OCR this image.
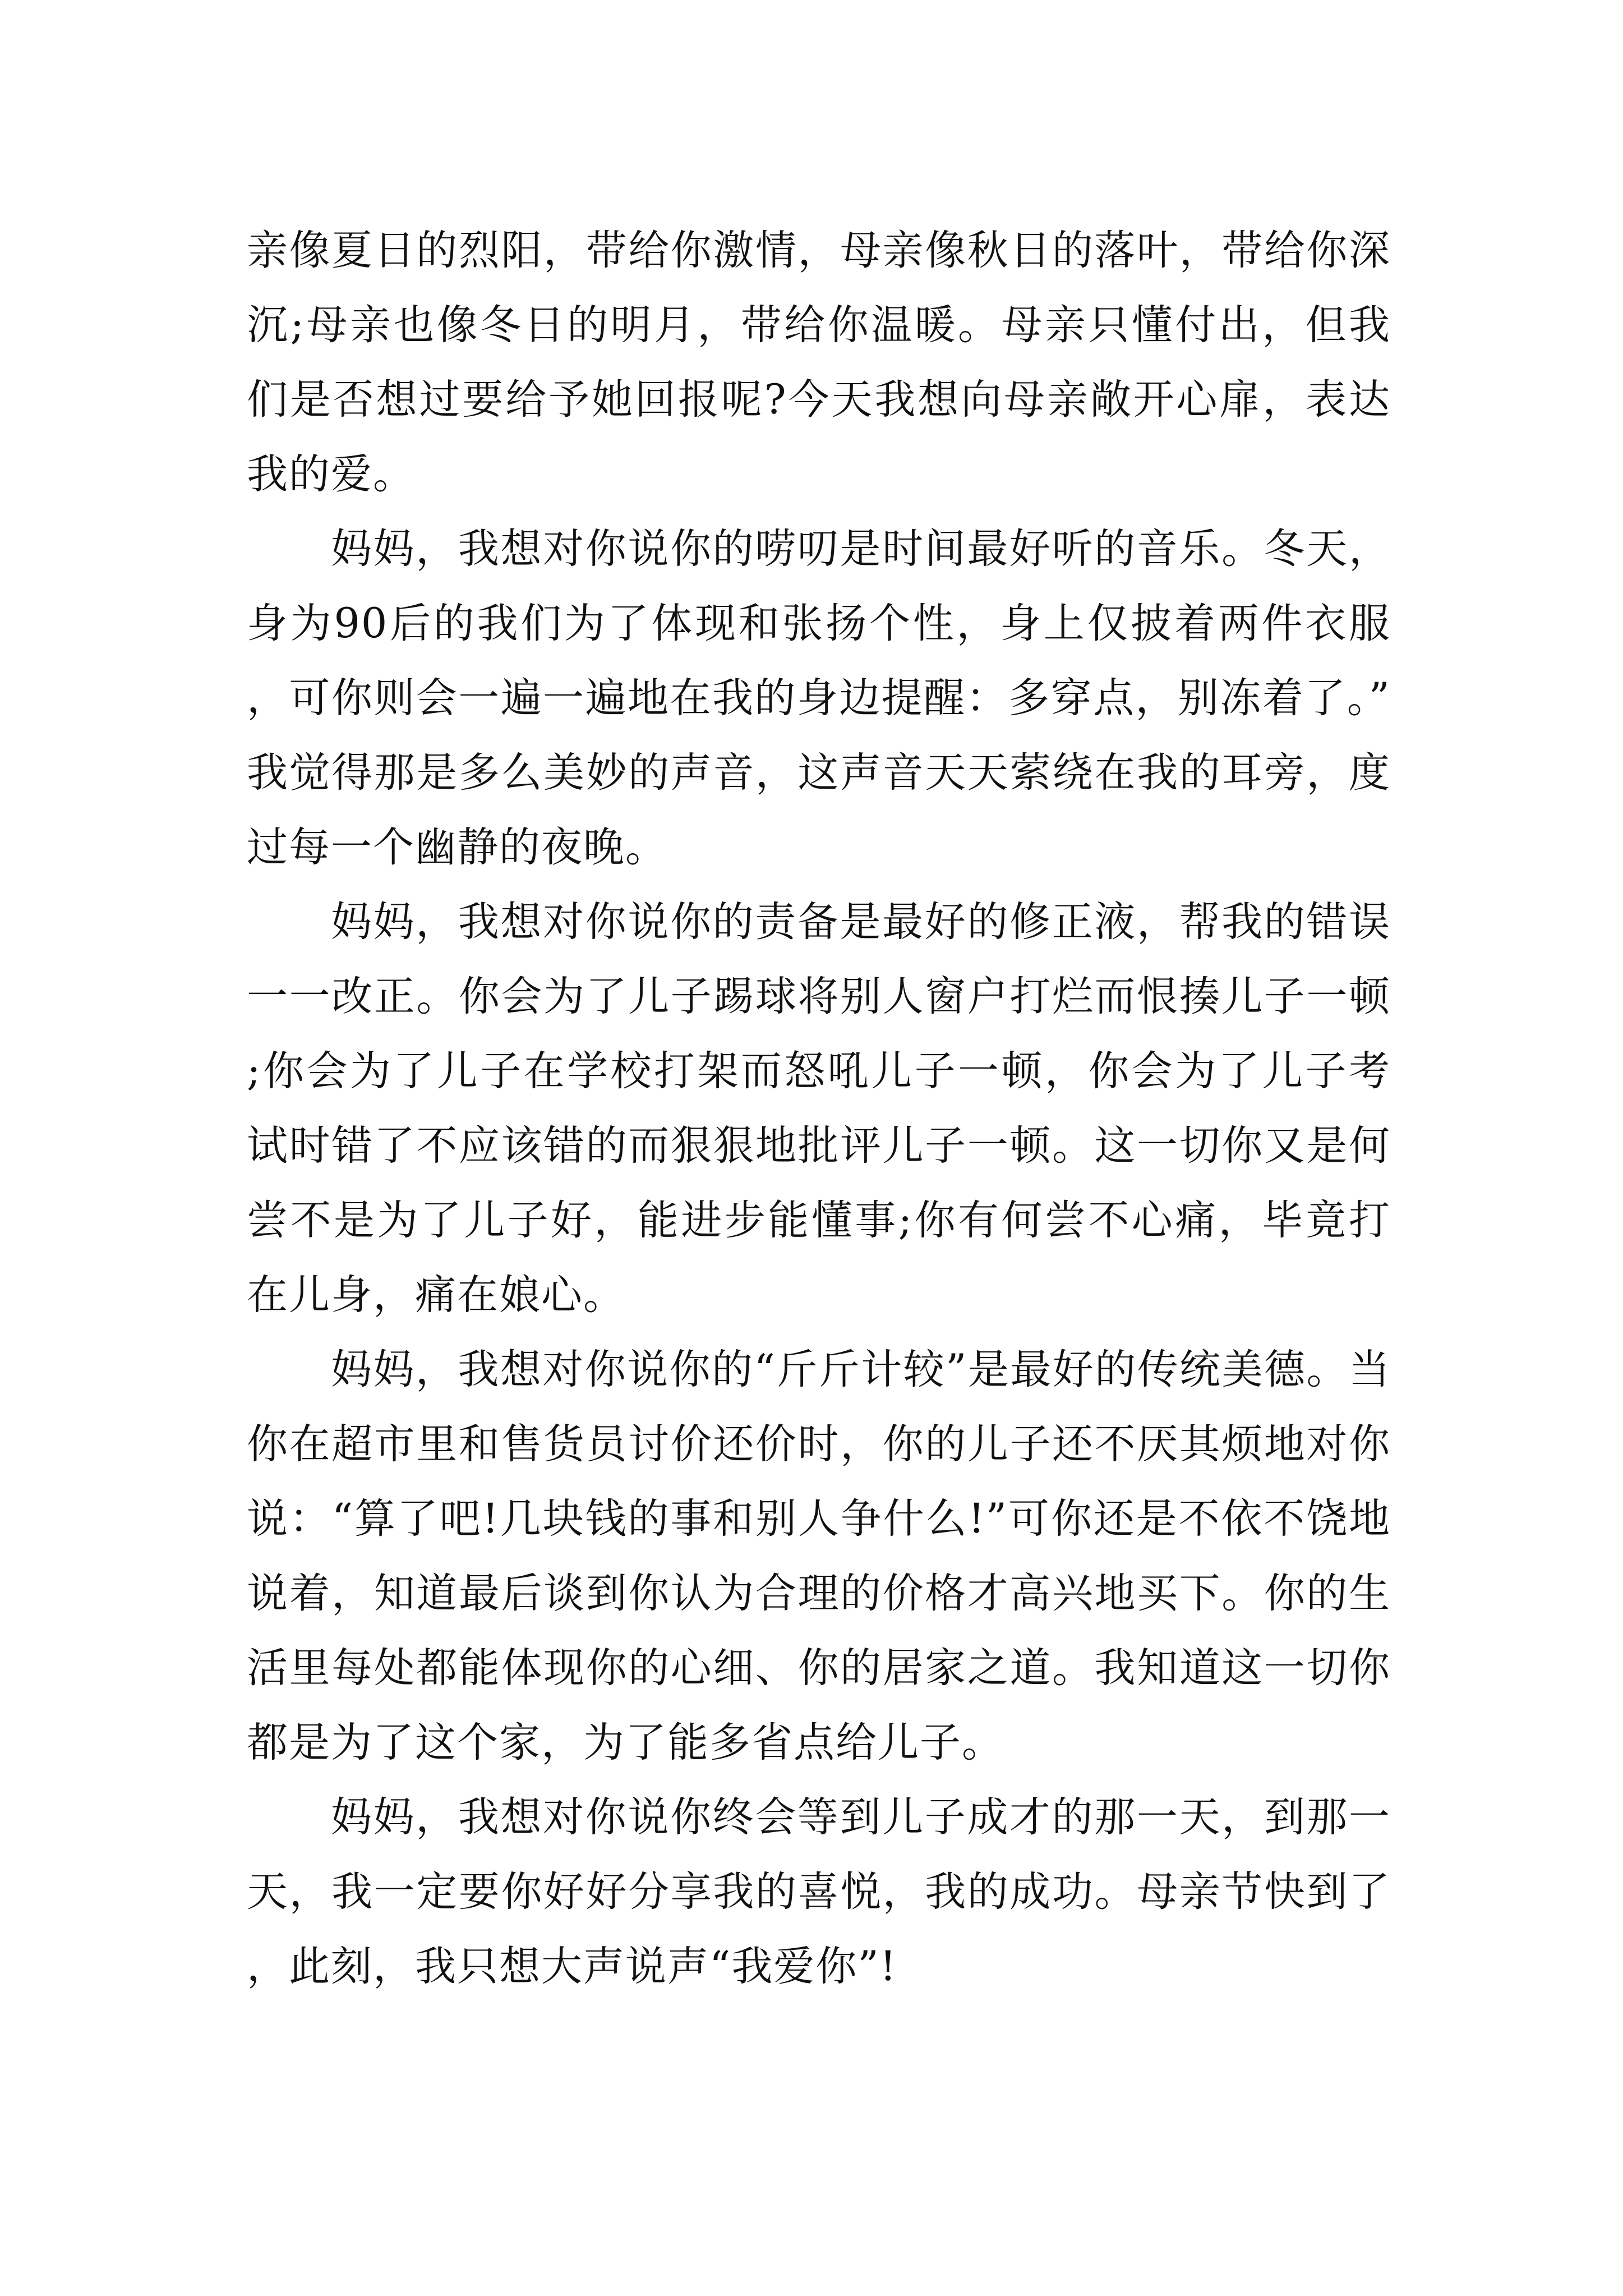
亲像夏日的烈阳，带给你激情，母亲像秋日的落叶，带给你深沉;母亲也像冬日的明月，带给你温暖。母亲只懂付出，但我们是否想过要给予她回报呢?今天我想向母亲敞开心扉，表达我的爱。

妈妈，我想对你说你的唠叨是时间最好听的音乐。冬天，身为90后的我们为了体现和张扬个性，身上仅披着两件衣服，可你则会一遍一遍地在我的身边提醒：多穿点，别冻着了。”我觉得那是多么美妙的声音，这声音天天萦绕在我的耳旁，度过每一个幽静的夜晚。

妈妈，我想对你说你的责备是最好的修正液，帮我的错误一一改正。你会为了儿子踢球将别人窗户打烂而恨揍儿子一顿;你会为了儿子在学校打架而怒吼儿子一顿，你会为了儿子考试时错了不应该错的而狠狠地批评儿子一顿。这一切你又是何尝不是为了儿子好，能进步能懂事;你有何尝不心痛，毕竟打在儿身，痛在娘心。

妈妈，我想对你说你的“斤斤计较”是最好的传统美德。当你在超市里和售货员讨价还价时，你的儿子还不厌其烦地对你说：“算了吧!几块钱的事和别人争什么!”可你还是不依不饶地说着，知道最后谈到你认为合理的价格才高兴地买下。你的生活里每处都能体现你的心细、你的居家之道。我知道这一切你都是为了这个家，为了能多省点给儿子。

妈妈，我想对你说你终会等到儿子成才的那一天，到那一天，我一定要你好好分享我的喜悦，我的成功。母亲节快到了，此刻，我只想大声说声“我爱你”!
